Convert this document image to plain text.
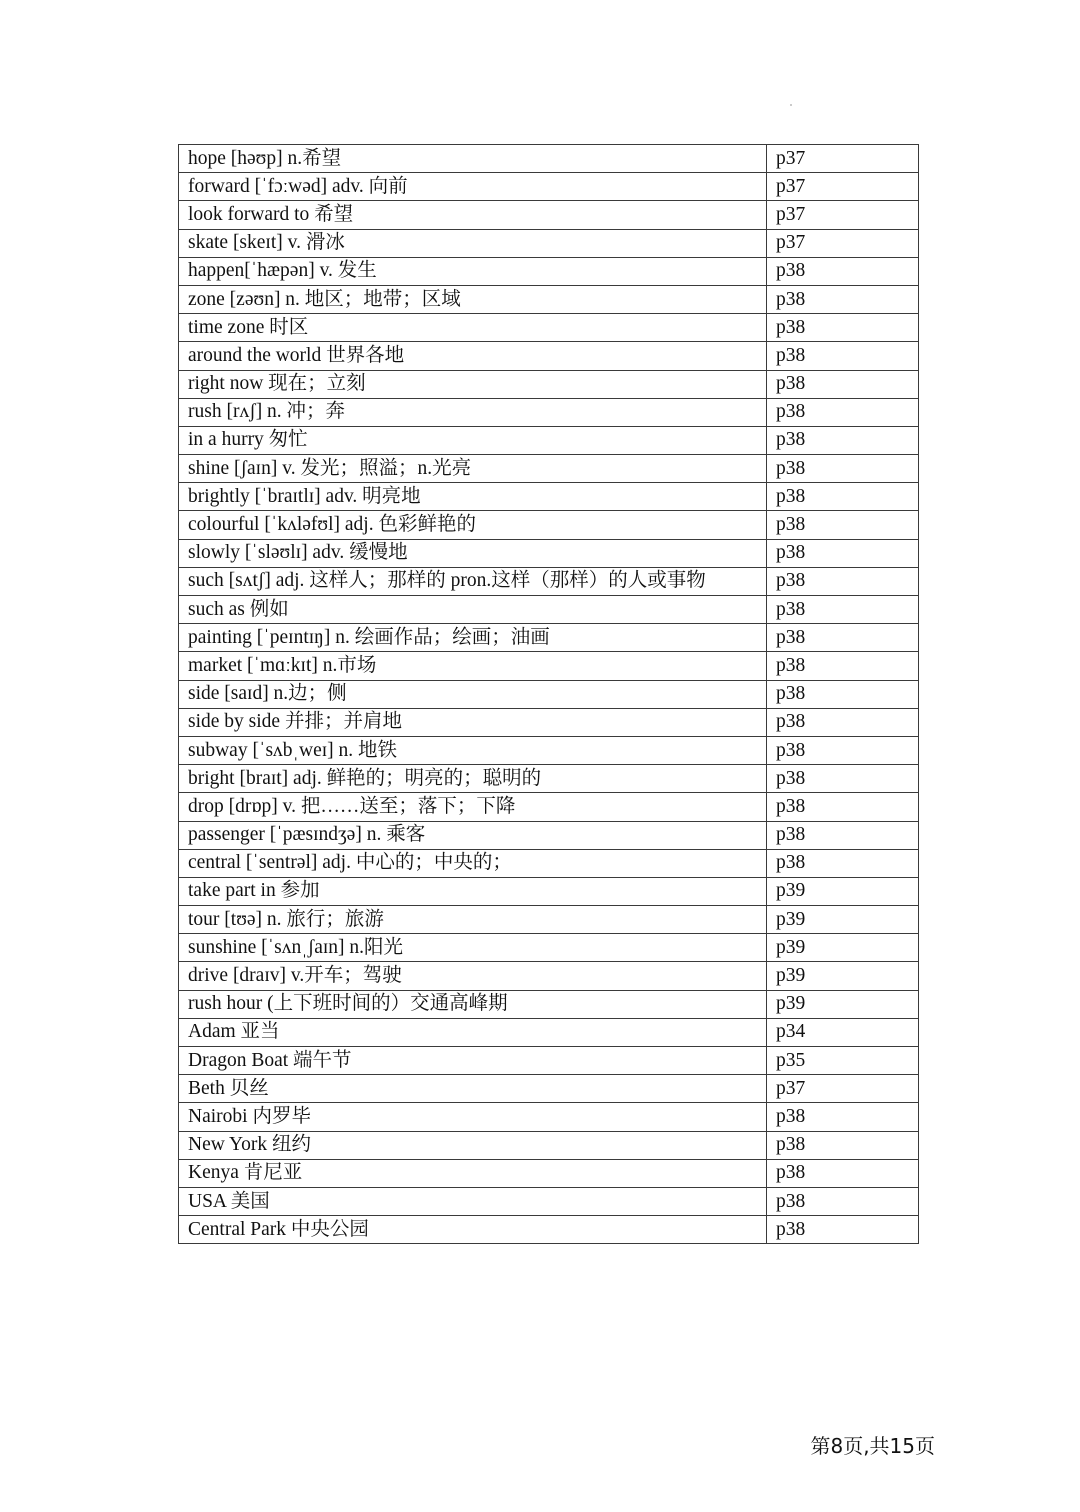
hope [həʊp] n.希望	p37
forward [ˈfɔːwəd] adv. 向前	p37
look forward to 希望	p37
skate [skeɪt] v. 滑冰	p37
happen[ˈhæpən] v. 发生	p38
zone [zəʊn] n. 地区；地带；区域	p38
time zone 时区	p38
around the world 世界各地	p38
right now 现在；立刻	p38
rush [rʌʃ] n. 冲；奔	p38
in a hurry 匆忙	p38
shine [ʃaɪn] v. 发光；照溢；n.光亮	p38
brightly [ˈbraɪtlɪ] adv. 明亮地	p38
colourful [ˈkʌləfʊl] adj. 色彩鲜艳的	p38
slowly [ˈsləʊlɪ] adv. 缓慢地	p38
such [sʌtʃ] adj. 这样人；那样的 pron.这样（那样）的人或事物	p38
such as 例如	p38
painting [ˈpeɪntɪŋ] n. 绘画作品；绘画；油画	p38
market [ˈmɑːkɪt] n.市场	p38
side [saɪd] n.边；侧	p38
side by side 并排；并肩地	p38
subway [ˈsʌbˌweɪ] n. 地铁	p38
bright [braɪt] adj. 鲜艳的；明亮的；聪明的	p38
drop [drɒp] v. 把……送至；落下；下降	p38
passenger [ˈpæsɪndʒə] n. 乘客	p38
central [ˈsentrəl] adj. 中心的；中央的；	p38
take part in 参加	p39
tour [tʊə] n. 旅行；旅游	p39
sunshine [ˈsʌnˌʃaɪn] n.阳光	p39
drive [draɪv] v.开车；驾驶	p39
rush hour (上下班时间的）交通高峰期	p39
Adam 亚当	p34
Dragon Boat 端午节	p35
Beth 贝丝	p37
Nairobi 内罗毕	p38
New York 纽约	p38
Kenya 肯尼亚	p38
USA 美国	p38
Central Park 中央公园	p38
第8页,共15页
